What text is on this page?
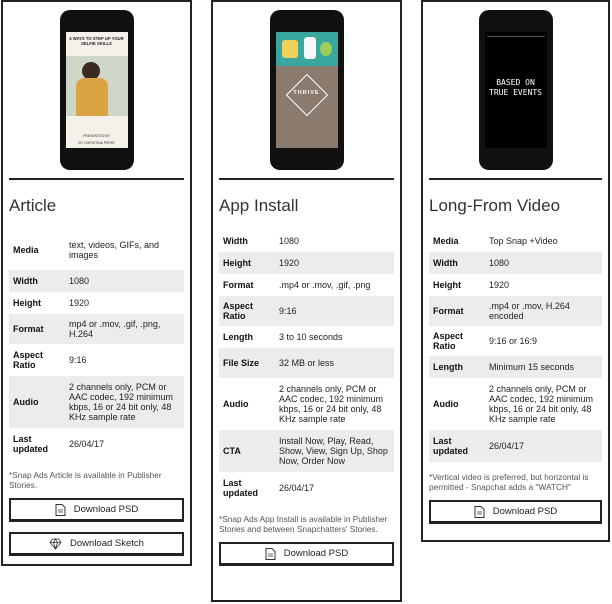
4 WAYS TO STEP UP YOUR SELFIE SKILLS
PRESENTED BY
BY CHRISTINA PERRI
Article
Media	text, videos, GIFs, and images
Width	1080
Height	1920
Format	mp4 or .mov, .gif, .png, H.264
Aspect Ratio	9:16
Audio	2 channels only, PCM or AAC codec, 192 minimum kbps, 16 or 24 bit only, 48 KHz sample rate
Last updated	26/04/17
*Snap Ads Article is available in Publisher Stories.
Download PSD
Download Sketch
THRIVE
App Install
Width	1080
Height	1920
Format	.mp4 or .mov, .gif, .png
Aspect Ratio	9:16
Length	3 to 10 seconds
File Size	32 MB or less
Audio	2 channels only, PCM or AAC codec, 192 minimum kbps, 16 or 24 bit only, 48 KHz sample rate
CTA	Install Now, Play, Read, Show, View, Sign Up, Shop Now, Order Now
Last updated	26/04/17
*Snap Ads App Install is available in Publisher Stories and between Snapchatters' Stories.
Download PSD
BASED ON TRUE EVENTS
Long-From Video
Media	Top Snap +Video
Width	1080
Height	1920
Format	.mp4 or .mov, H.264 encoded
Aspect Ratio	9:16 or 16:9
Length	Minimum 15 seconds
Audio	2 channels only, PCM or AAC codec, 192 minimum kbps, 16 or 24 bit only, 48 KHz sample rate
Last updated	26/04/17
*Vertical video is preferred, but horizontal is permitted - Snapchat adds a "WATCH"
Download PSD
